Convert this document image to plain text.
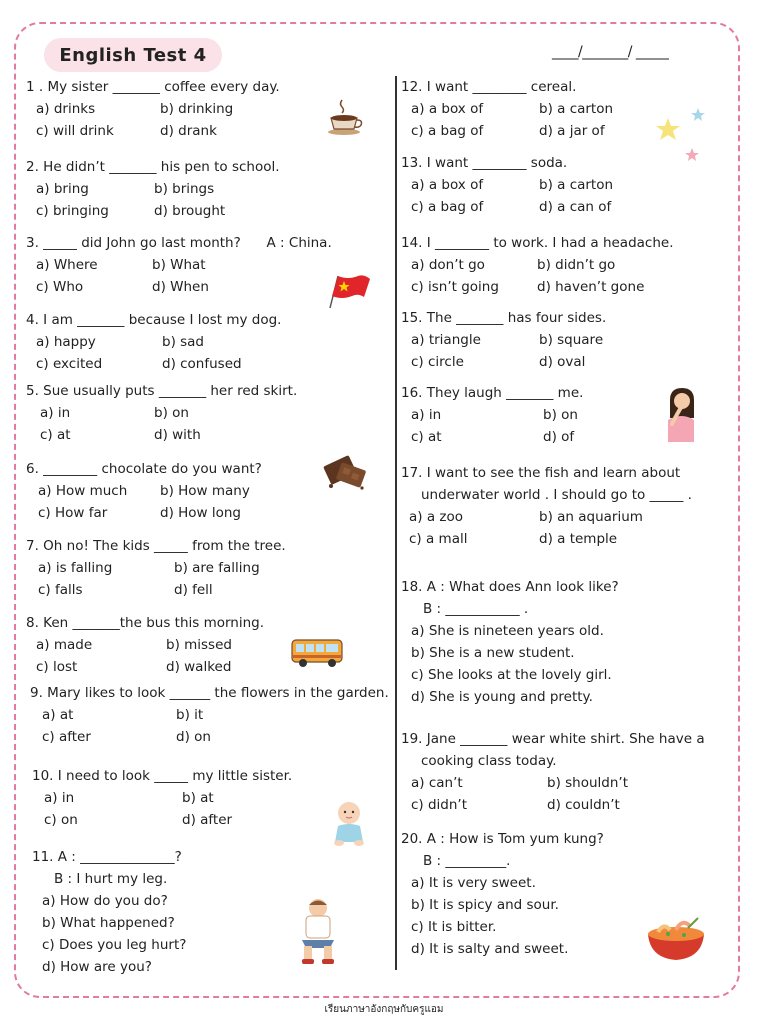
English Test 4	____/_______/ _____
1 . My sister _______ coffee every day.
a) drinks	b) drinking
c) will drink	d) drank
2. He didn’t _______ his pen to school.
a) bring	b) brings
c) bringing	d) brought
3. _____ did John go last month?      A : China.
a) Where	b) What
c) Who	d) When
4. I am _______ because I lost my dog.
a) happy	b) sad
c) excited	d) confused
5. Sue usually puts _______ her red skirt.
a) in	b) on
c) at	d) with
6. ________ chocolate do you want?
a) How much	b) How many
c) How far	d) How long
7. Oh no! The kids _____ from the tree.
a) is falling	b) are falling
c) falls	d) fell
8. Ken _______the bus this morning.
a) made	b) missed
c) lost	d) walked
9. Mary likes to look ______ the flowers in the garden.
a) at	b) it
c) after	d) on
10. I need to look _____ my little sister.
a) in	b) at
c) on	d) after
11. A : ______________?
B : I hurt my leg.
a) How do you do?
b) What happened?
c) Does you leg hurt?
d) How are you?
12. I want ________ cereal.
a) a box of	b) a carton
c) a bag of	d) a jar of
13. I want ________ soda.
a) a box of	b) a carton
c) a bag of	d) a can of
14. I ________ to work. I had a headache.
a) don’t go	b) didn’t go
c) isn’t going	d) haven’t gone
15. The _______ has four sides.
a) triangle	b) square
c) circle	d) oval
16. They laugh _______ me.
a) in	b) on
c) at	d) of
17. I want to see the fish and learn about
underwater world . I should go to _____ .
a) a zoo	b) an aquarium
c) a mall	d) a temple
18. A : What does Ann look like?
B : ___________ .
a) She is nineteen years old.
b) She is a new student.
c) She looks at the lovely girl.
d) She is young and pretty.
19. Jane _______ wear white shirt. She have a
cooking class today.
a) can’t	b) shouldn’t
c) didn’t	d) couldn’t
20. A : How is Tom yum kung?
B : _________.
a) It is very sweet.
b) It is spicy and sour.
c) It is bitter.
d) It is salty and sweet.
เรียนภาษาอังกฤษกับครูแอม
